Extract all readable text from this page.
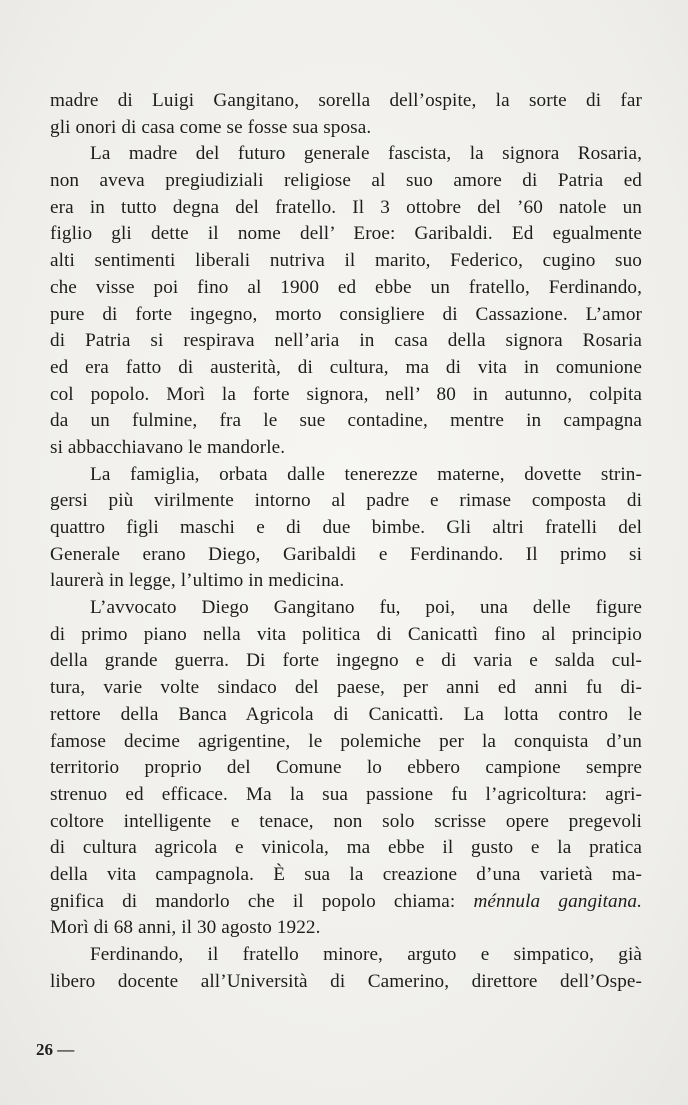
madre di Luigi Gangitano, sorella dell’ospite, la sorte di far
gli onori di casa come se fosse sua sposa.
La madre del futuro generale fascista, la signora Rosaria,
non aveva pregiudiziali religiose al suo amore di Patria ed
era in tutto degna del fratello. Il 3 ottobre del ’60 natole un
figlio gli dette il nome dell’ Eroe: Garibaldi. Ed egualmente
alti sentimenti liberali nutriva il marito, Federico, cugino suo
che visse poi fino al 1900 ed ebbe un fratello, Ferdinando,
pure di forte ingegno, morto consigliere di Cassazione. L’amor
di Patria si respirava nell’aria in casa della signora Rosaria
ed era fatto di austerità, di cultura, ma di vita in comunione
col popolo. Morì la forte signora, nell’ 80 in autunno, colpita
da un fulmine, fra le sue contadine, mentre in campagna
si abbacchiavano le mandorle.
La famiglia, orbata dalle tenerezze materne, dovette strin-
gersi più virilmente intorno al padre e rimase composta di
quattro figli maschi e di due bimbe. Gli altri fratelli del
Generale erano Diego, Garibaldi e Ferdinando. Il primo si
laurerà in legge, l’ultimo in medicina.
L’avvocato Diego Gangitano fu, poi, una delle figure
di primo piano nella vita politica di Canicattì fino al principio
della grande guerra. Di forte ingegno e di varia e salda cul-
tura, varie volte sindaco del paese, per anni ed anni fu di-
rettore della Banca Agricola di Canicattì. La lotta contro le
famose decime agrigentine, le polemiche per la conquista d’un
territorio proprio del Comune lo ebbero campione sempre
strenuo ed efficace. Ma la sua passione fu l’agricoltura: agri-
coltore intelligente e tenace, non solo scrisse opere pregevoli
di cultura agricola e vinicola, ma ebbe il gusto e la pratica
della vita campagnola. È sua la creazione d’una varietà ma-
gnifica di mandorlo che il popolo chiama: ménnula gangitana.
Morì di 68 anni, il 30 agosto 1922.
Ferdinando, il fratello minore, arguto e simpatico, già
libero docente all’Università di Camerino, direttore dell’Ospe-
26 —
